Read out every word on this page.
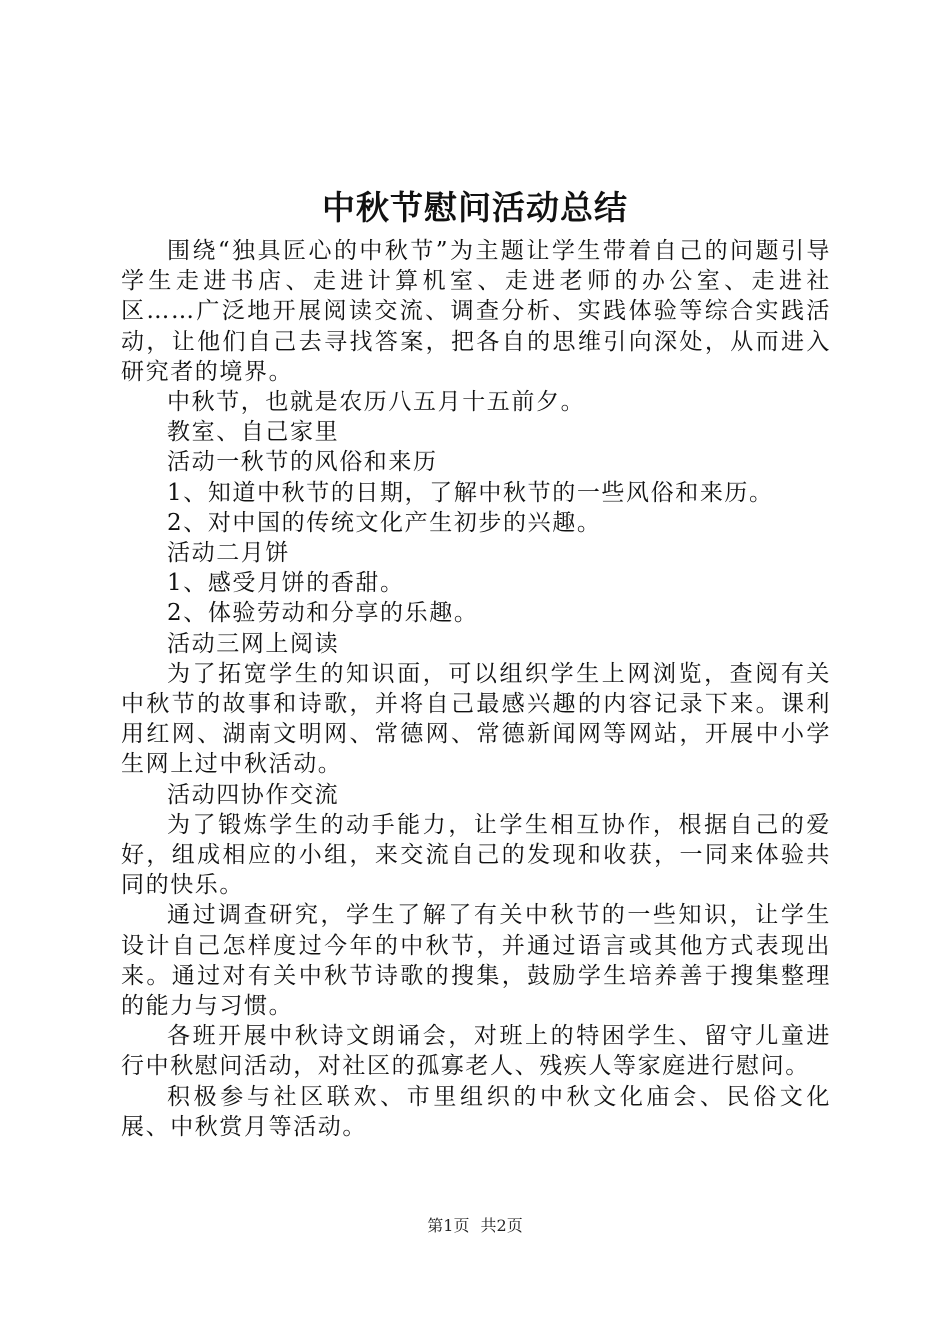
中秋节慰问活动总结

围绕“独具匠心的中秋节”为主题让学生带着自己的问题引导学生走进书店、走进计算机室、走进老师的办公室、走进社区……广泛地开展阅读交流、调查分析、实践体验等综合实践活动，让他们自己去寻找答案，把各自的思维引向深处，从而进入研究者的境界。

中秋节，也就是农历八五月十五前夕。

教室、自己家里

活动一秋节的风俗和来历

1、知道中秋节的日期，了解中秋节的一些风俗和来历。

2、对中国的传统文化产生初步的兴趣。

活动二月饼

1、感受月饼的香甜。

2、体验劳动和分享的乐趣。

活动三网上阅读

为了拓宽学生的知识面，可以组织学生上网浏览，查阅有关中秋节的故事和诗歌，并将自己最感兴趣的内容记录下来。课利用红网、湖南文明网、常德网、常德新闻网等网站，开展中小学生网上过中秋活动。

活动四协作交流

为了锻炼学生的动手能力，让学生相互协作，根据自己的爱好，组成相应的小组，来交流自己的发现和收获，一同来体验共同的快乐。

通过调查研究，学生了解了有关中秋节的一些知识，让学生设计自己怎样度过今年的中秋节，并通过语言或其他方式表现出来。通过对有关中秋节诗歌的搜集，鼓励学生培养善于搜集整理的能力与习惯。

各班开展中秋诗文朗诵会，对班上的特困学生、留守儿童进行中秋慰问活动，对社区的孤寡老人、残疾人等家庭进行慰问。

积极参与社区联欢、市里组织的中秋文化庙会、民俗文化展、中秋赏月等活动。

第1页 共2页
